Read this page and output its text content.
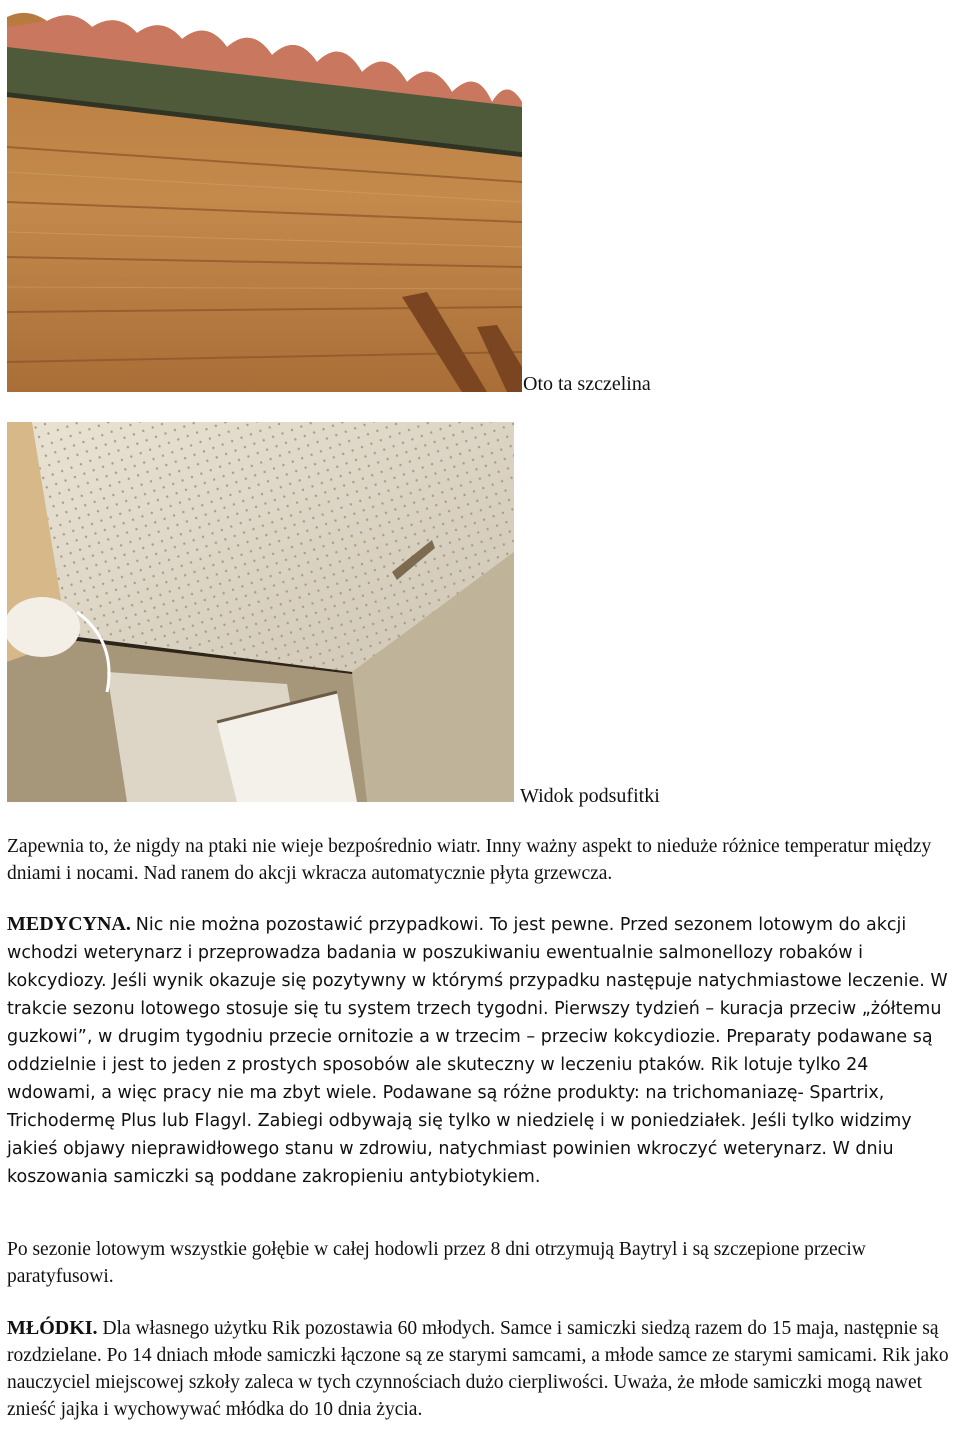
Oto ta szczelina
Widok podsufitki

Zapewnia to, że nigdy na ptaki nie wieje bezpośrednio wiatr. Inny ważny aspekt to nieduże różnice temperatur między dniami i nocami. Nad ranem do akcji wkracza automatycznie płyta grzewcza.

MEDYCYNA. Nic nie można pozostawić przypadkowi. To jest pewne. Przed sezonem lotowym do akcji wchodzi weterynarz i przeprowadza badania w poszukiwaniu ewentualnie salmonellozy robaków i kokcydiozy. Jeśli wynik okazuje się pozytywny w którymś przypadku następuje natychmiastowe leczenie. W trakcie sezonu lotowego stosuje się tu system trzech tygodni. Pierwszy tydzień – kuracja przeciw „żółtemu guzkowi”, w drugim tygodniu przecie ornitozie a w trzecim – przeciw kokcydiozie. Preparaty podawane są oddzielnie i jest to jeden z prostych sposobów ale skuteczny w leczeniu ptaków. Rik lotuje tylko 24 wdowami, a więc pracy nie ma zbyt wiele. Podawane są różne produkty: na trichomaniazę- Spartrix, Trichodermę Plus lub Flagyl. Zabiegi odbywają się tylko w niedzielę i w poniedziałek. Jeśli tylko widzimy jakieś objawy nieprawidłowego stanu w zdrowiu, natychmiast powinien wkroczyć weterynarz. W dniu koszowania samiczki są poddane zakropieniu antybiotykiem.

Po sezonie lotowym wszystkie gołębie w całej hodowli przez 8 dni otrzymują Baytryl i są szczepione przeciw paratyfusowi.

MŁÓDKI. Dla własnego użytku Rik pozostawia 60 młodych. Samce i samiczki siedzą razem do 15 maja, następnie są rozdzielane. Po 14 dniach młode samiczki łączone są ze starymi samcami, a młode samce ze starymi samicami. Rik jako nauczyciel miejscowej szkoły zaleca w tych czynnościach dużo cierpliwości. Uważa, że młode samiczki mogą nawet znieść jajka i wychowywać młódka do 10 dnia życia.
